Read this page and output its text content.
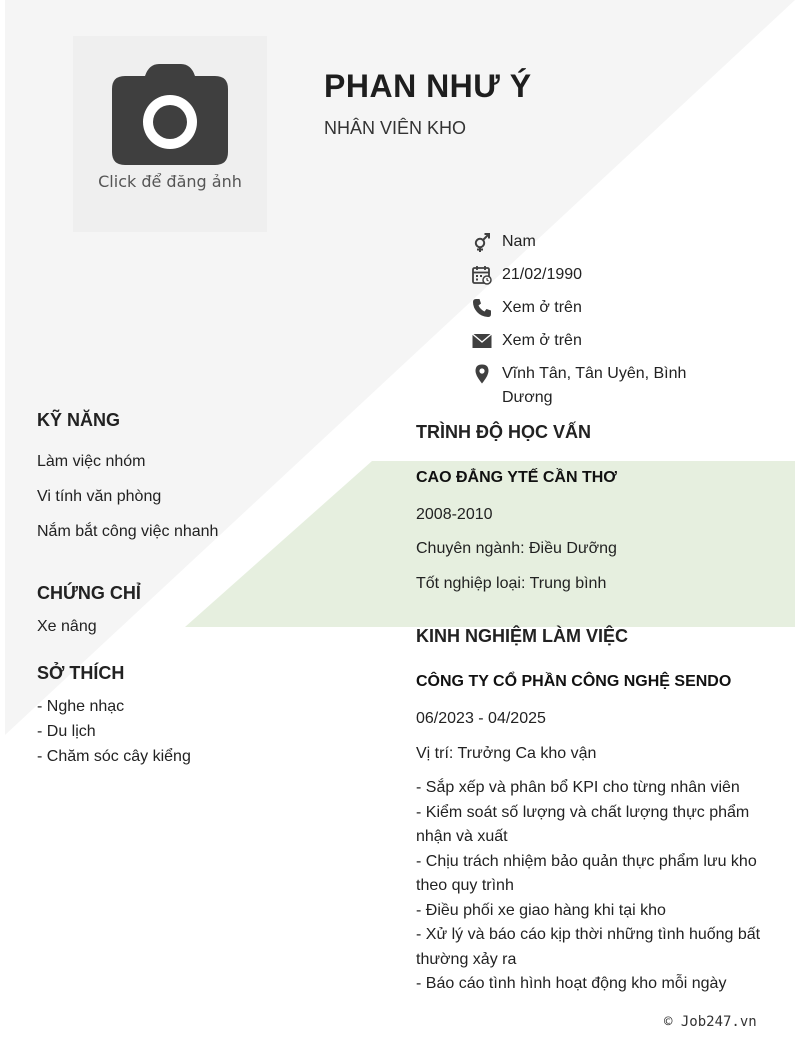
Click để đăng ảnh
PHAN NHƯ Ý
NHÂN VIÊN KHO
Nam
21/02/1990
Xem ở trên
Xem ở trên
Vĩnh Tân, Tân Uyên, Bình Dương
KỸ NĂNG
Làm việc nhóm
Vi tính văn phòng
Nắm bắt công việc nhanh
CHỨNG CHỈ
Xe nâng
SỞ THÍCH
- Nghe nhạc
- Du lịch
- Chăm sóc cây kiểng
TRÌNH ĐỘ HỌC VẤN
CAO ĐẲNG YTẾ CẦN THƠ
2008-2010
Chuyên ngành: Điều Dưỡng
Tốt nghiệp loại: Trung bình
KINH NGHIỆM LÀM VIỆC
CÔNG TY CỔ PHẦN CÔNG NGHỆ SENDO
06/2023 - 04/2025
Vị trí: Trưởng Ca kho vận
- Sắp xếp và phân bổ KPI cho từng nhân viên
- Kiểm soát số lượng và chất lượng thực phẩm nhận và xuất
- Chịu trách nhiệm bảo quản thực phẩm lưu kho theo quy trình
- Điều phối xe giao hàng khi tại kho
- Xử lý và báo cáo kịp thời những tình huống bất thường xảy ra
- Báo cáo tình hình hoạt động kho mỗi ngày
© Job247.vn
